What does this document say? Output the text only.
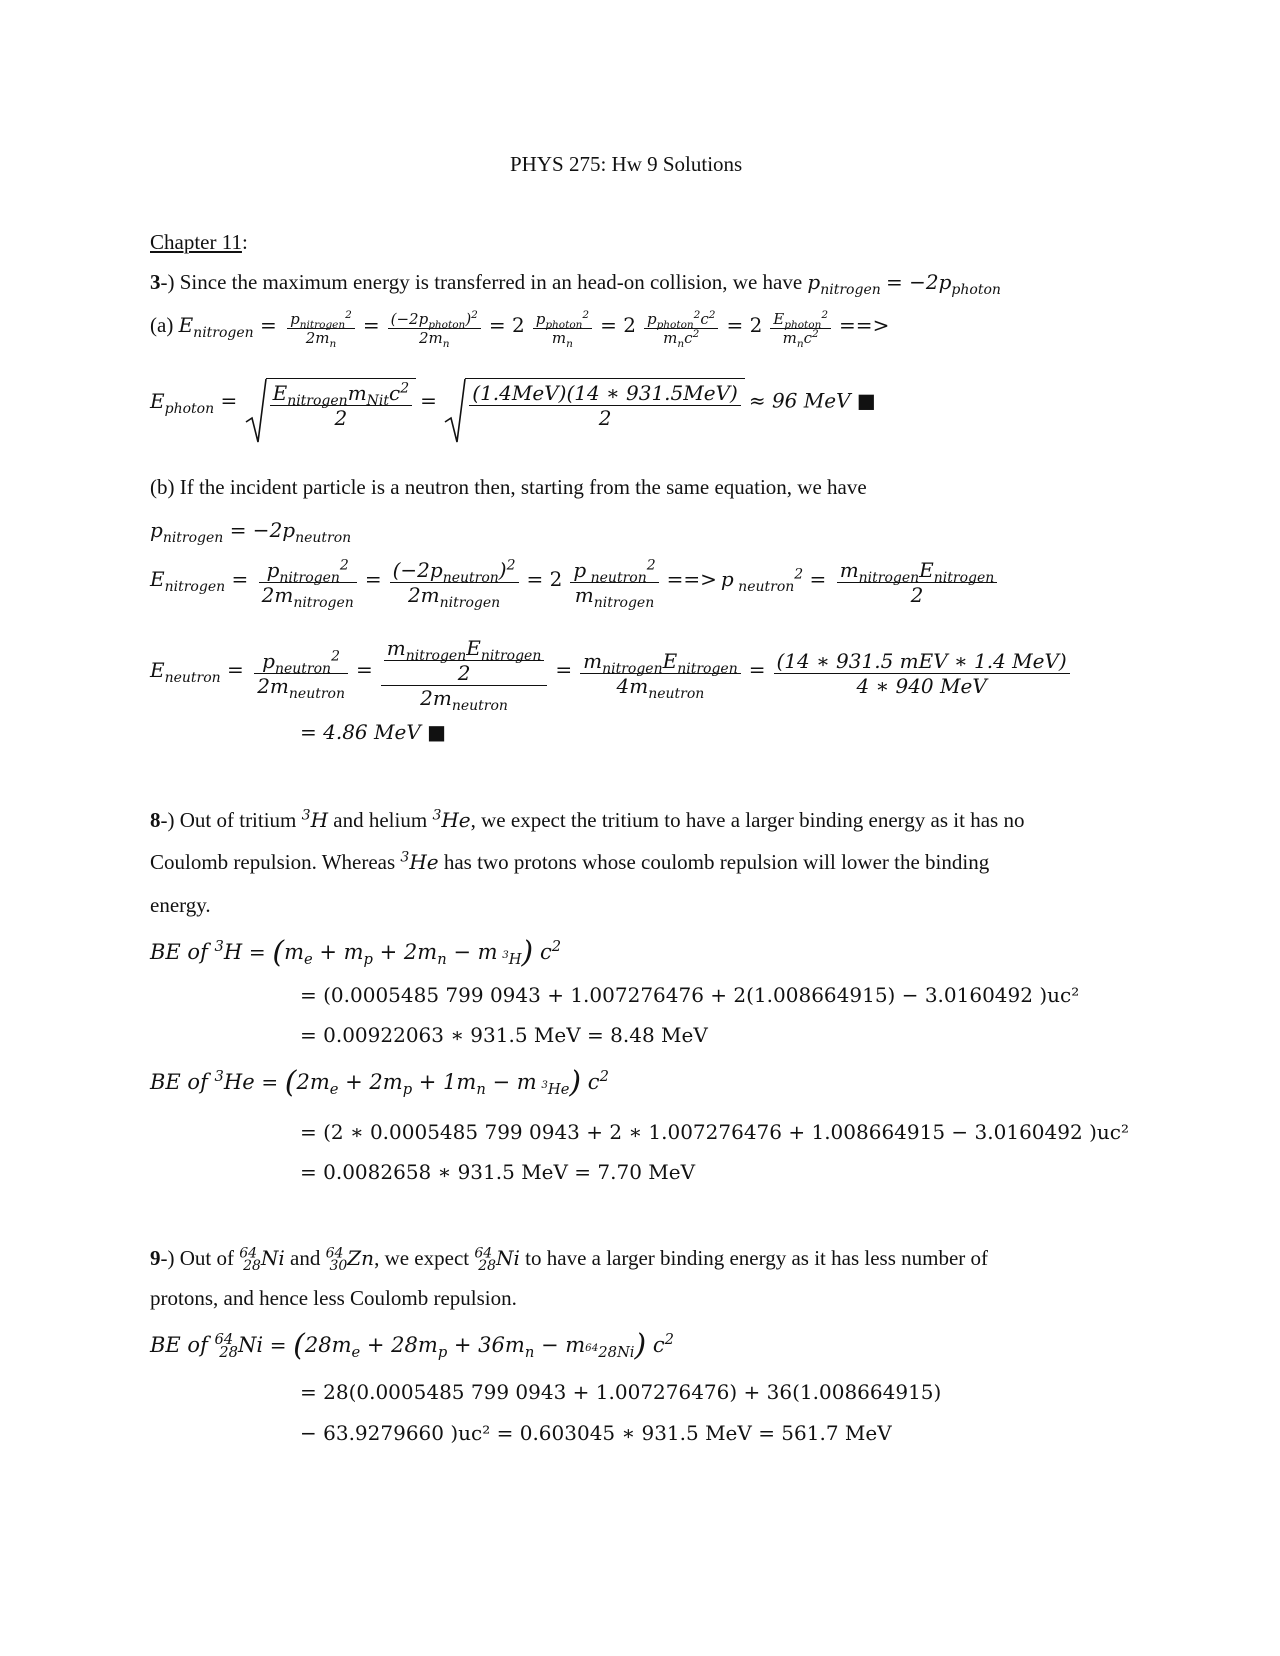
PHYS 275: Hw 9 Solutions
Chapter 11:
3-) Since the maximum energy is transferred in an head-on collision, we have $p_{nitrogen} = -2p_{photon}$
(a) $E_{nitrogen} = \frac{p_{nitrogen}^2}{2m_n} = \frac{(-2p_{photon})^2}{2m_n} = 2 \frac{p_{photon}^2}{m_n} = 2 \frac{p_{photon}^2c^2}{m_nc^2} = 2 \frac{E_{photon}^2}{m_nc^2}$ ==>
$E_{photon} = \frac{E_{nitrogen}m_{Nit}c^2}{2} = \frac{\text{(1.4MeV)(14 ∗ 931.5MeV)}}{2} \approx 96$ MeV ■
(b) If the incident particle is a neutron then, starting from the same equation, we have
$p_{nitrogen} = -2p_{neutron}$
$E_{nitrogen} = \frac{p_{nitrogen}^2}{2m_{nitrogen}} = \frac{(-2p_{neutron})^2}{2m_{nitrogen}} = 2 \frac{p _{neutron}^2}{m_{nitrogen}}$ ==> p $_{neutron}^2 = \frac{m_{nitrogen}E_{nitrogen}}{2}$
$E_{neutron} = \frac{p_{neutron}^2}{2m_{neutron}} = \frac{\frac{m_{nitrogen}E_{nitrogen}}{2}}{2m_{neutron}} = \frac{m_{nitrogen}E_{nitrogen}}{4m_{neutron}} = \frac{\text{(14 ∗ 931.5 mEV ∗ 1.4 MeV)}}{\text{4 ∗ 940 MeV}}$
= 4.86 MeV ■
8-) Out of tritium $^3$H and helium $^3$He, we expect the tritium to have a larger binding energy as it has no
Coulomb repulsion. Whereas $^3$He has two protons whose coulomb repulsion will lower the binding
energy.
BE of $^3H = (m_e + m_p + 2m_n - m$ $_{^3H}$) $c^2$
= (0.0005485 799 0943 + 1.007276476 + 2(1.008664915) − 3.0160492 )uc²
= 0.00922063 ∗ 931.5 MeV = 8.48 MeV
BE of $^3He = (2m_e + 2m_p + 1m_n - m$ $_{^3He}$) $c^2$
= (2 ∗ 0.0005485 799 0943 + 2 ∗ 1.007276476 + 1.008664915 − 3.0160492 )uc²
= 0.0082658 ∗ 931.5 MeV = 7.70 MeV
9-) Out of $^{64}_{28}$Ni and $^{64}_{30}$Zn, we expect $^{64}_{28}$Ni to have a larger binding energy as it has less number of
protons, and hence less Coulomb repulsion.
BE of $^{64}_{28}Ni = (28m_e + 28m_p + 36m_n - m_{^{64}28Ni})$ $c^2$
= 28(0.0005485 799 0943 + 1.007276476) + 36(1.008664915)
− 63.9279660 )uc² = 0.603045 ∗ 931.5 MeV = 561.7 MeV
